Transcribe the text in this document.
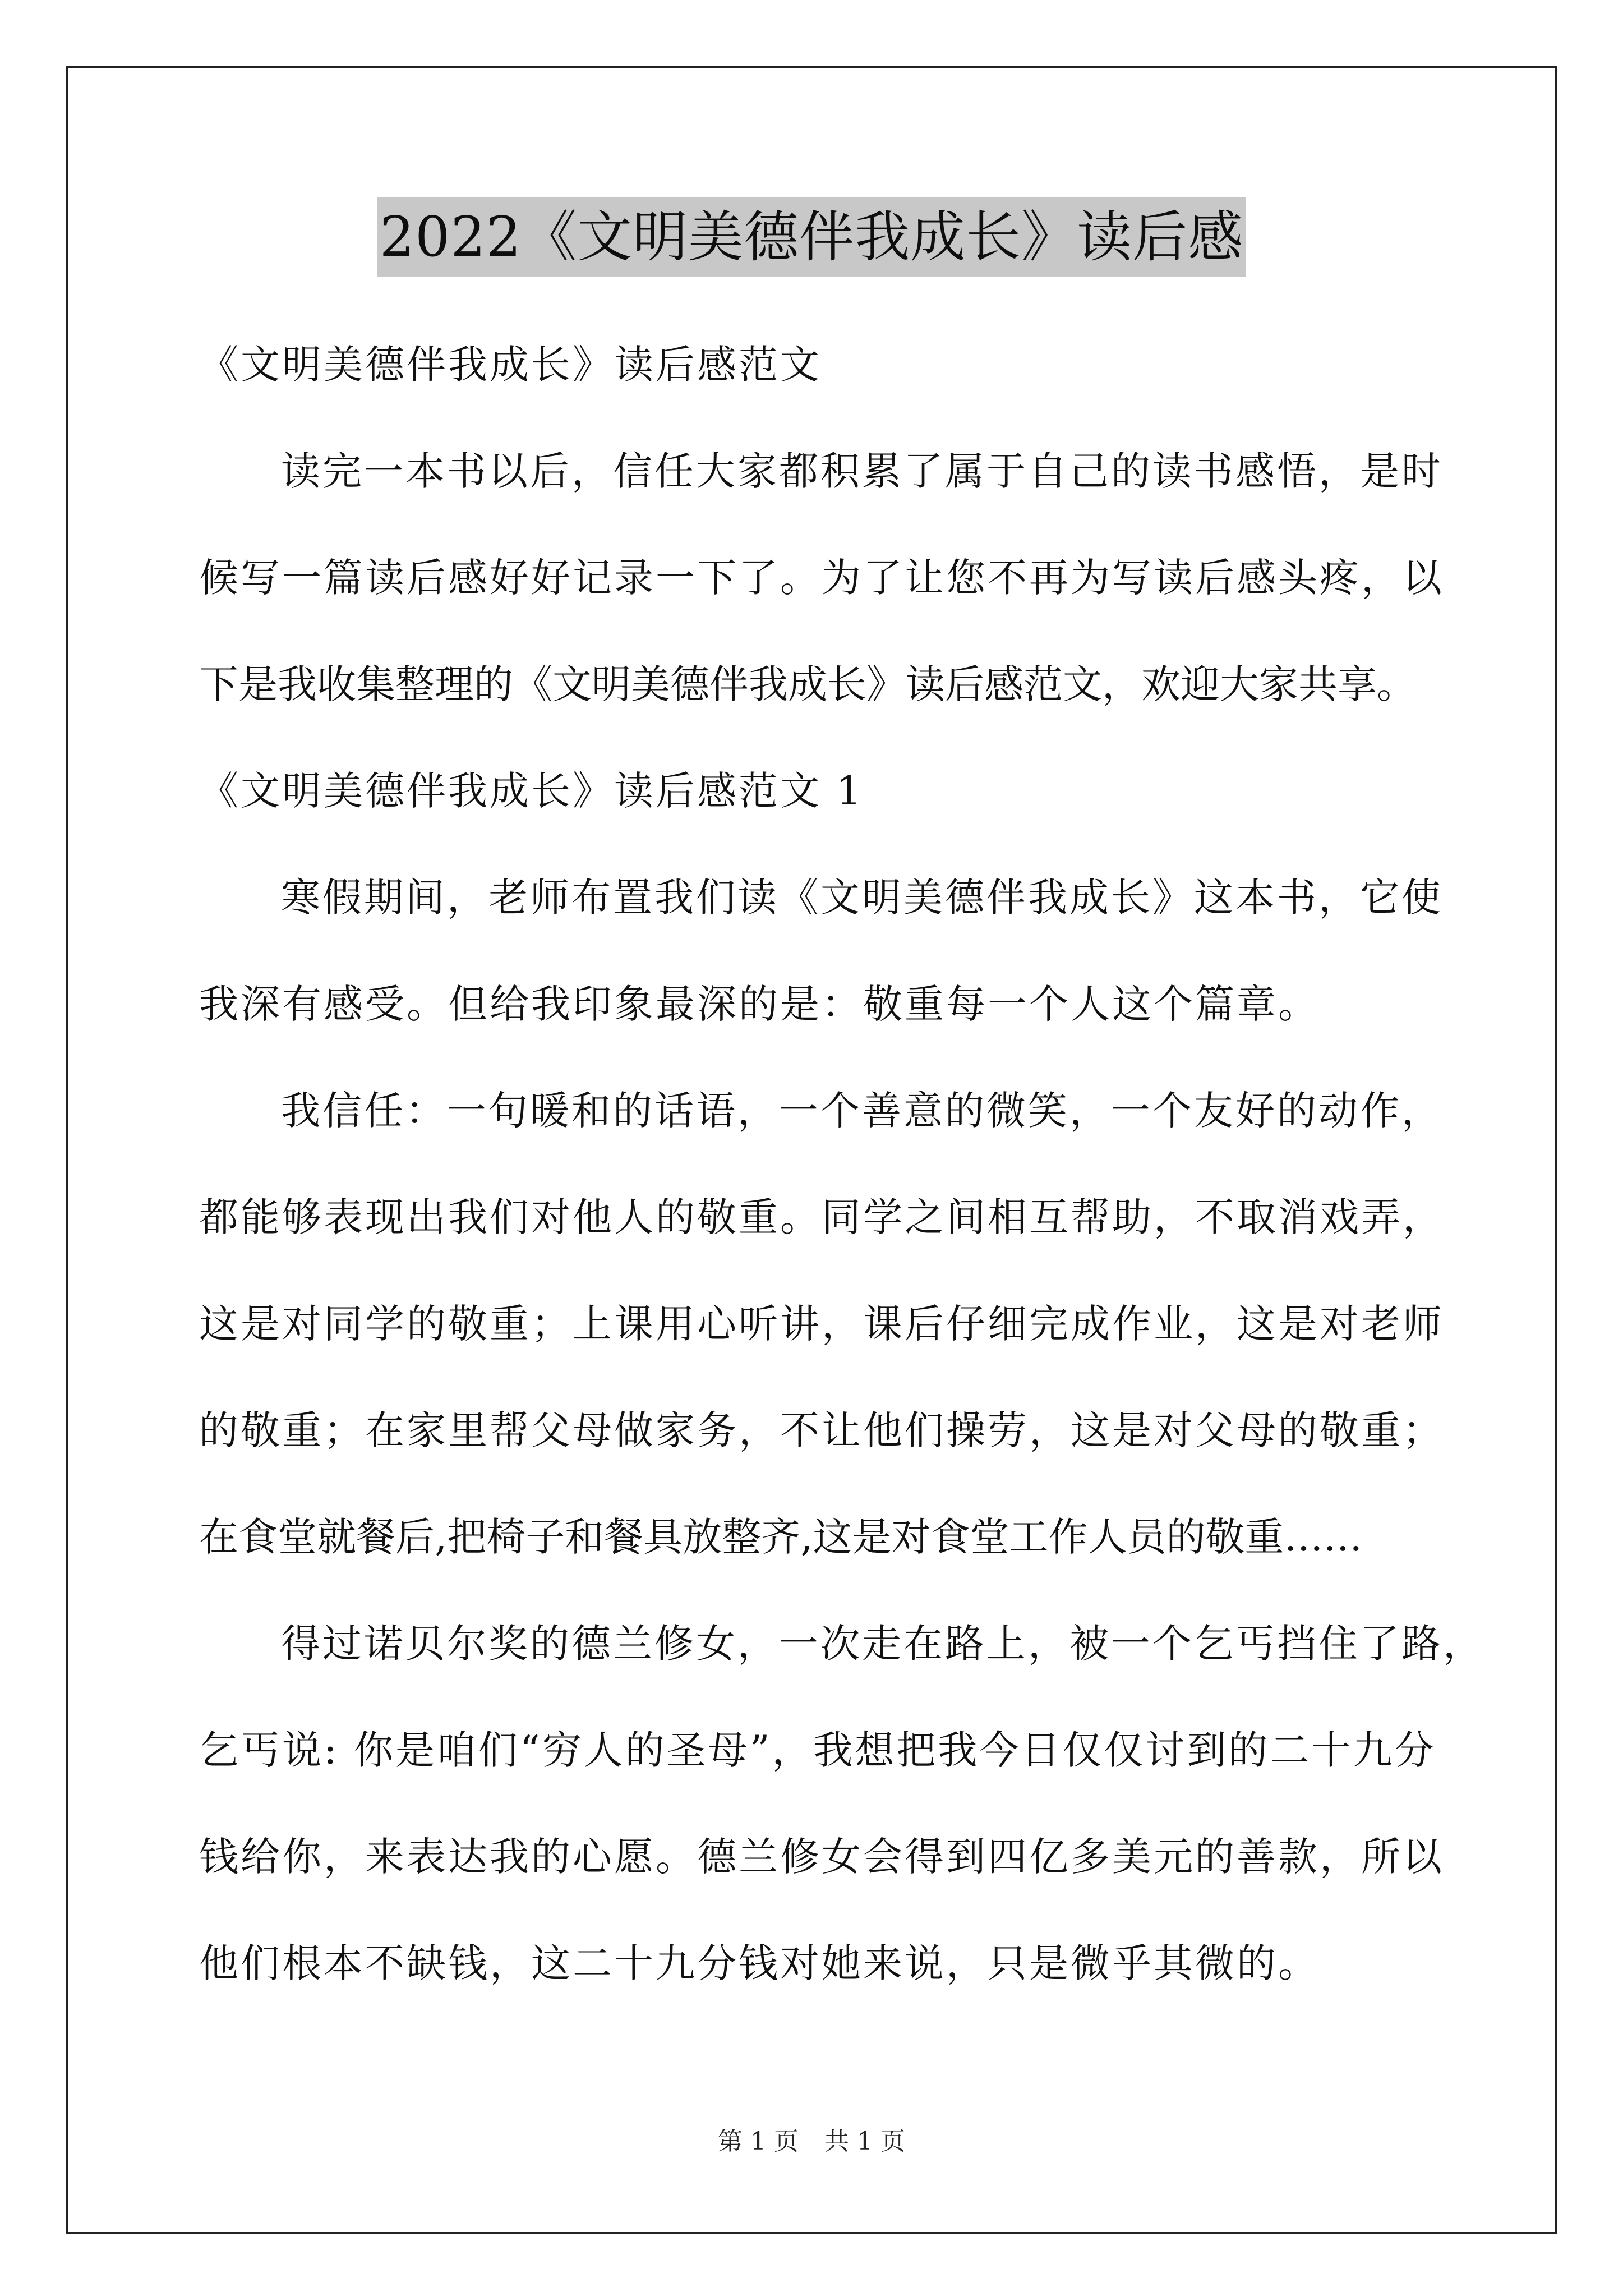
2022《文明美德伴我成长》读后感
《文明美德伴我成长》读后感范文
读完一本书以后，信任大家都积累了属于自己的读书感悟，是时
候写一篇读后感好好记录一下了。为了让您不再为写读后感头疼，以
下是我收集整理的《文明美德伴我成长》读后感范文，欢迎大家共享。
《文明美德伴我成长》读后感范文 1
寒假期间，老师布置我们读《文明美德伴我成长》这本书，它使
我深有感受。但给我印象最深的是：敬重每一个人这个篇章。
我信任：一句暖和的话语，一个善意的微笑，一个友好的动作，
都能够表现出我们对他人的敬重。同学之间相互帮助，不取消戏弄，
这是对同学的敬重；上课用心听讲，课后仔细完成作业，这是对老师
的敬重；在家里帮父母做家务，不让他们操劳，这是对父母的敬重；
在食堂就餐后,把椅子和餐具放整齐,这是对食堂工作人员的敬重……
得过诺贝尔奖的德兰修女，一次走在路上，被一个乞丐挡住了路，
乞丐说: 你是咱们“穷人的圣母”，我想把我今日仅仅讨到的二十九分
钱给你，来表达我的心愿。德兰修女会得到四亿多美元的善款，所以
他们根本不缺钱，这二十九分钱对她来说，只是微乎其微的。
第 1 页 共 1 页
